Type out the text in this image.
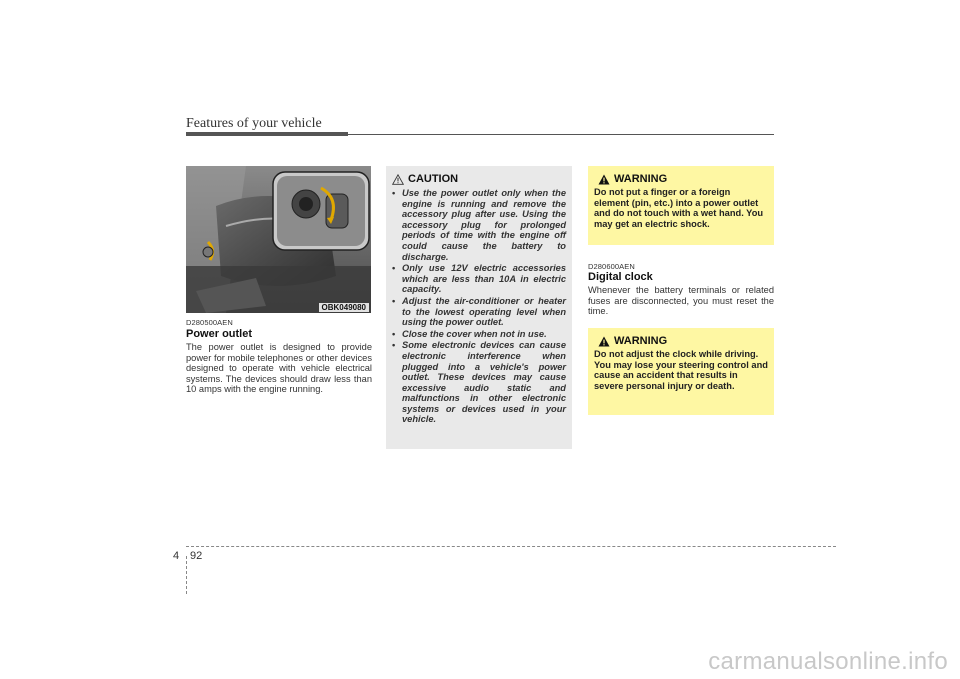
Features of your vehicle
OBK049080
D280500AEN
Power outlet
The power outlet is designed to provide power for mobile telephones or other devices designed to operate with vehicle electrical systems. The devices should draw less than 10 amps with the engine running.
CAUTION
• Use the power outlet only when the engine is running and remove the accessory plug after use. Using the accessory plug for prolonged periods of time with the engine off could cause the battery to discharge.
• Only use 12V electric accessories which are less than 10A in electric capacity.
• Adjust the air-conditioner or heater to the lowest operating level when using the power outlet.
• Close the cover when not in use.
• Some electronic devices can cause electronic interference when plugged into a vehicle's power outlet. These devices may cause excessive audio static and malfunctions in other electronic systems or devices used in your vehicle.
WARNING
Do not put a finger or a foreign element (pin, etc.) into a power outlet and do not touch with a wet hand. You may get an electric shock.
D280600AEN
Digital clock
Whenever the battery terminals or related fuses are disconnected, you must reset the time.
WARNING
Do not adjust the clock while driving. You may lose your steering control and cause an accident that results in severe personal injury or death.
4 92
carmanualsonline.info
